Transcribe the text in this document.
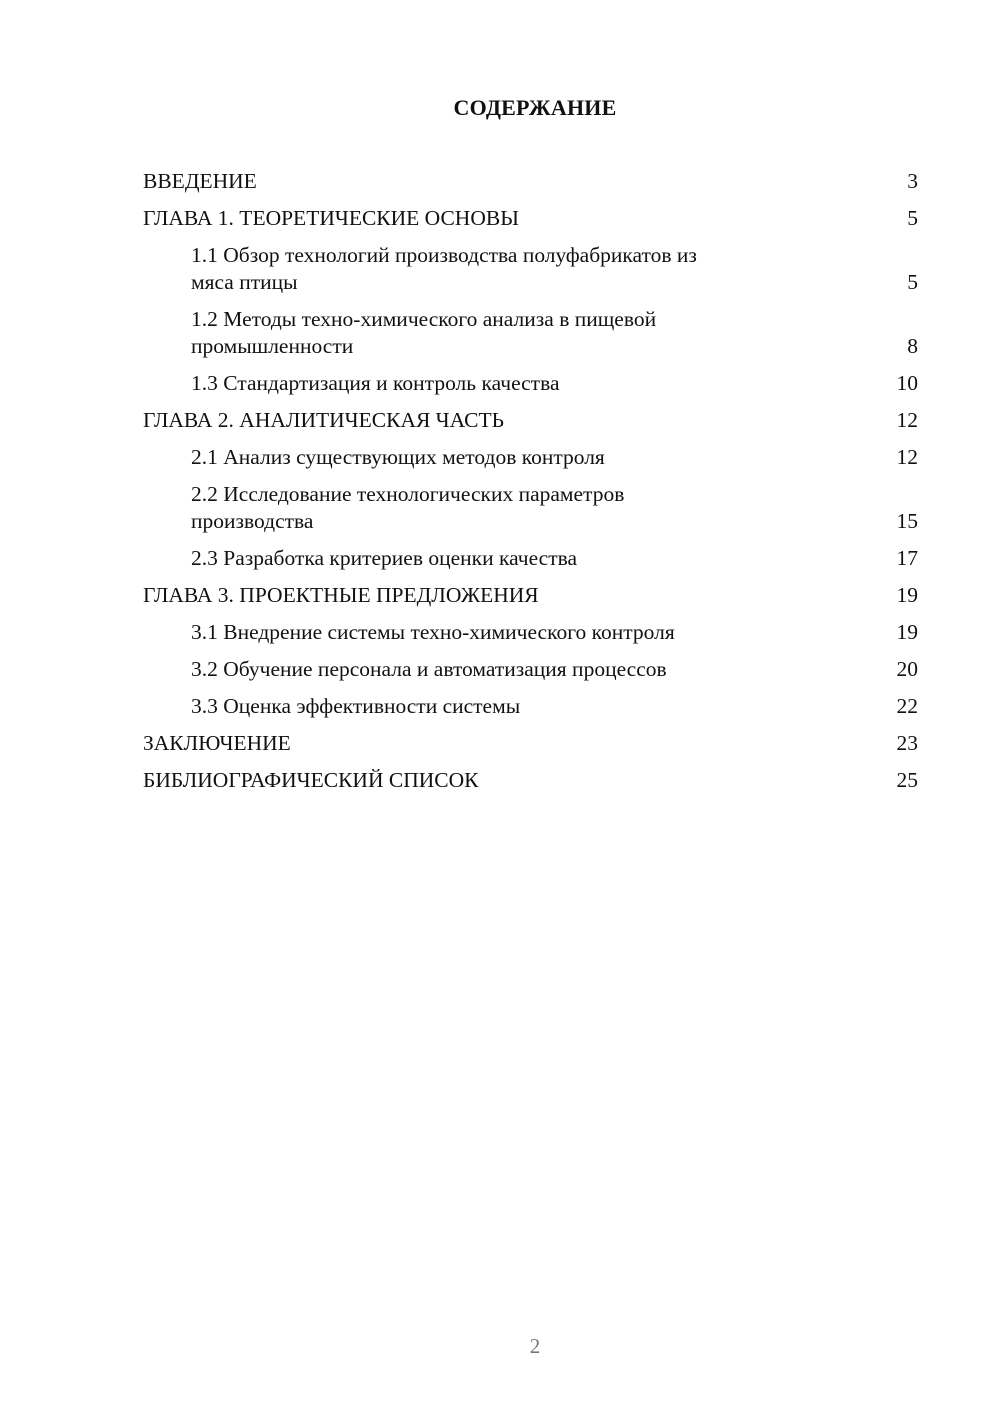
СОДЕРЖАНИЕ
ВВЕДЕНИЕ	3
ГЛАВА 1. ТЕОРЕТИЧЕСКИЕ ОСНОВЫ	5
1.1 Обзор технологий производства полуфабрикатов из
мяса птицы	5
1.2 Методы техно-химического анализа в пищевой
промышленности	8
1.3 Стандартизация и контроль качества	10
ГЛАВА 2. АНАЛИТИЧЕСКАЯ ЧАСТЬ	12
2.1 Анализ существующих методов контроля	12
2.2 Исследование технологических параметров
производства	15
2.3 Разработка критериев оценки качества	17
ГЛАВА 3. ПРОЕКТНЫЕ ПРЕДЛОЖЕНИЯ	19
3.1 Внедрение системы техно-химического контроля	19
3.2 Обучение персонала и автоматизация процессов	20
3.3 Оценка эффективности системы	22
ЗАКЛЮЧЕНИЕ	23
БИБЛИОГРАФИЧЕСКИЙ СПИСОК	25
2
